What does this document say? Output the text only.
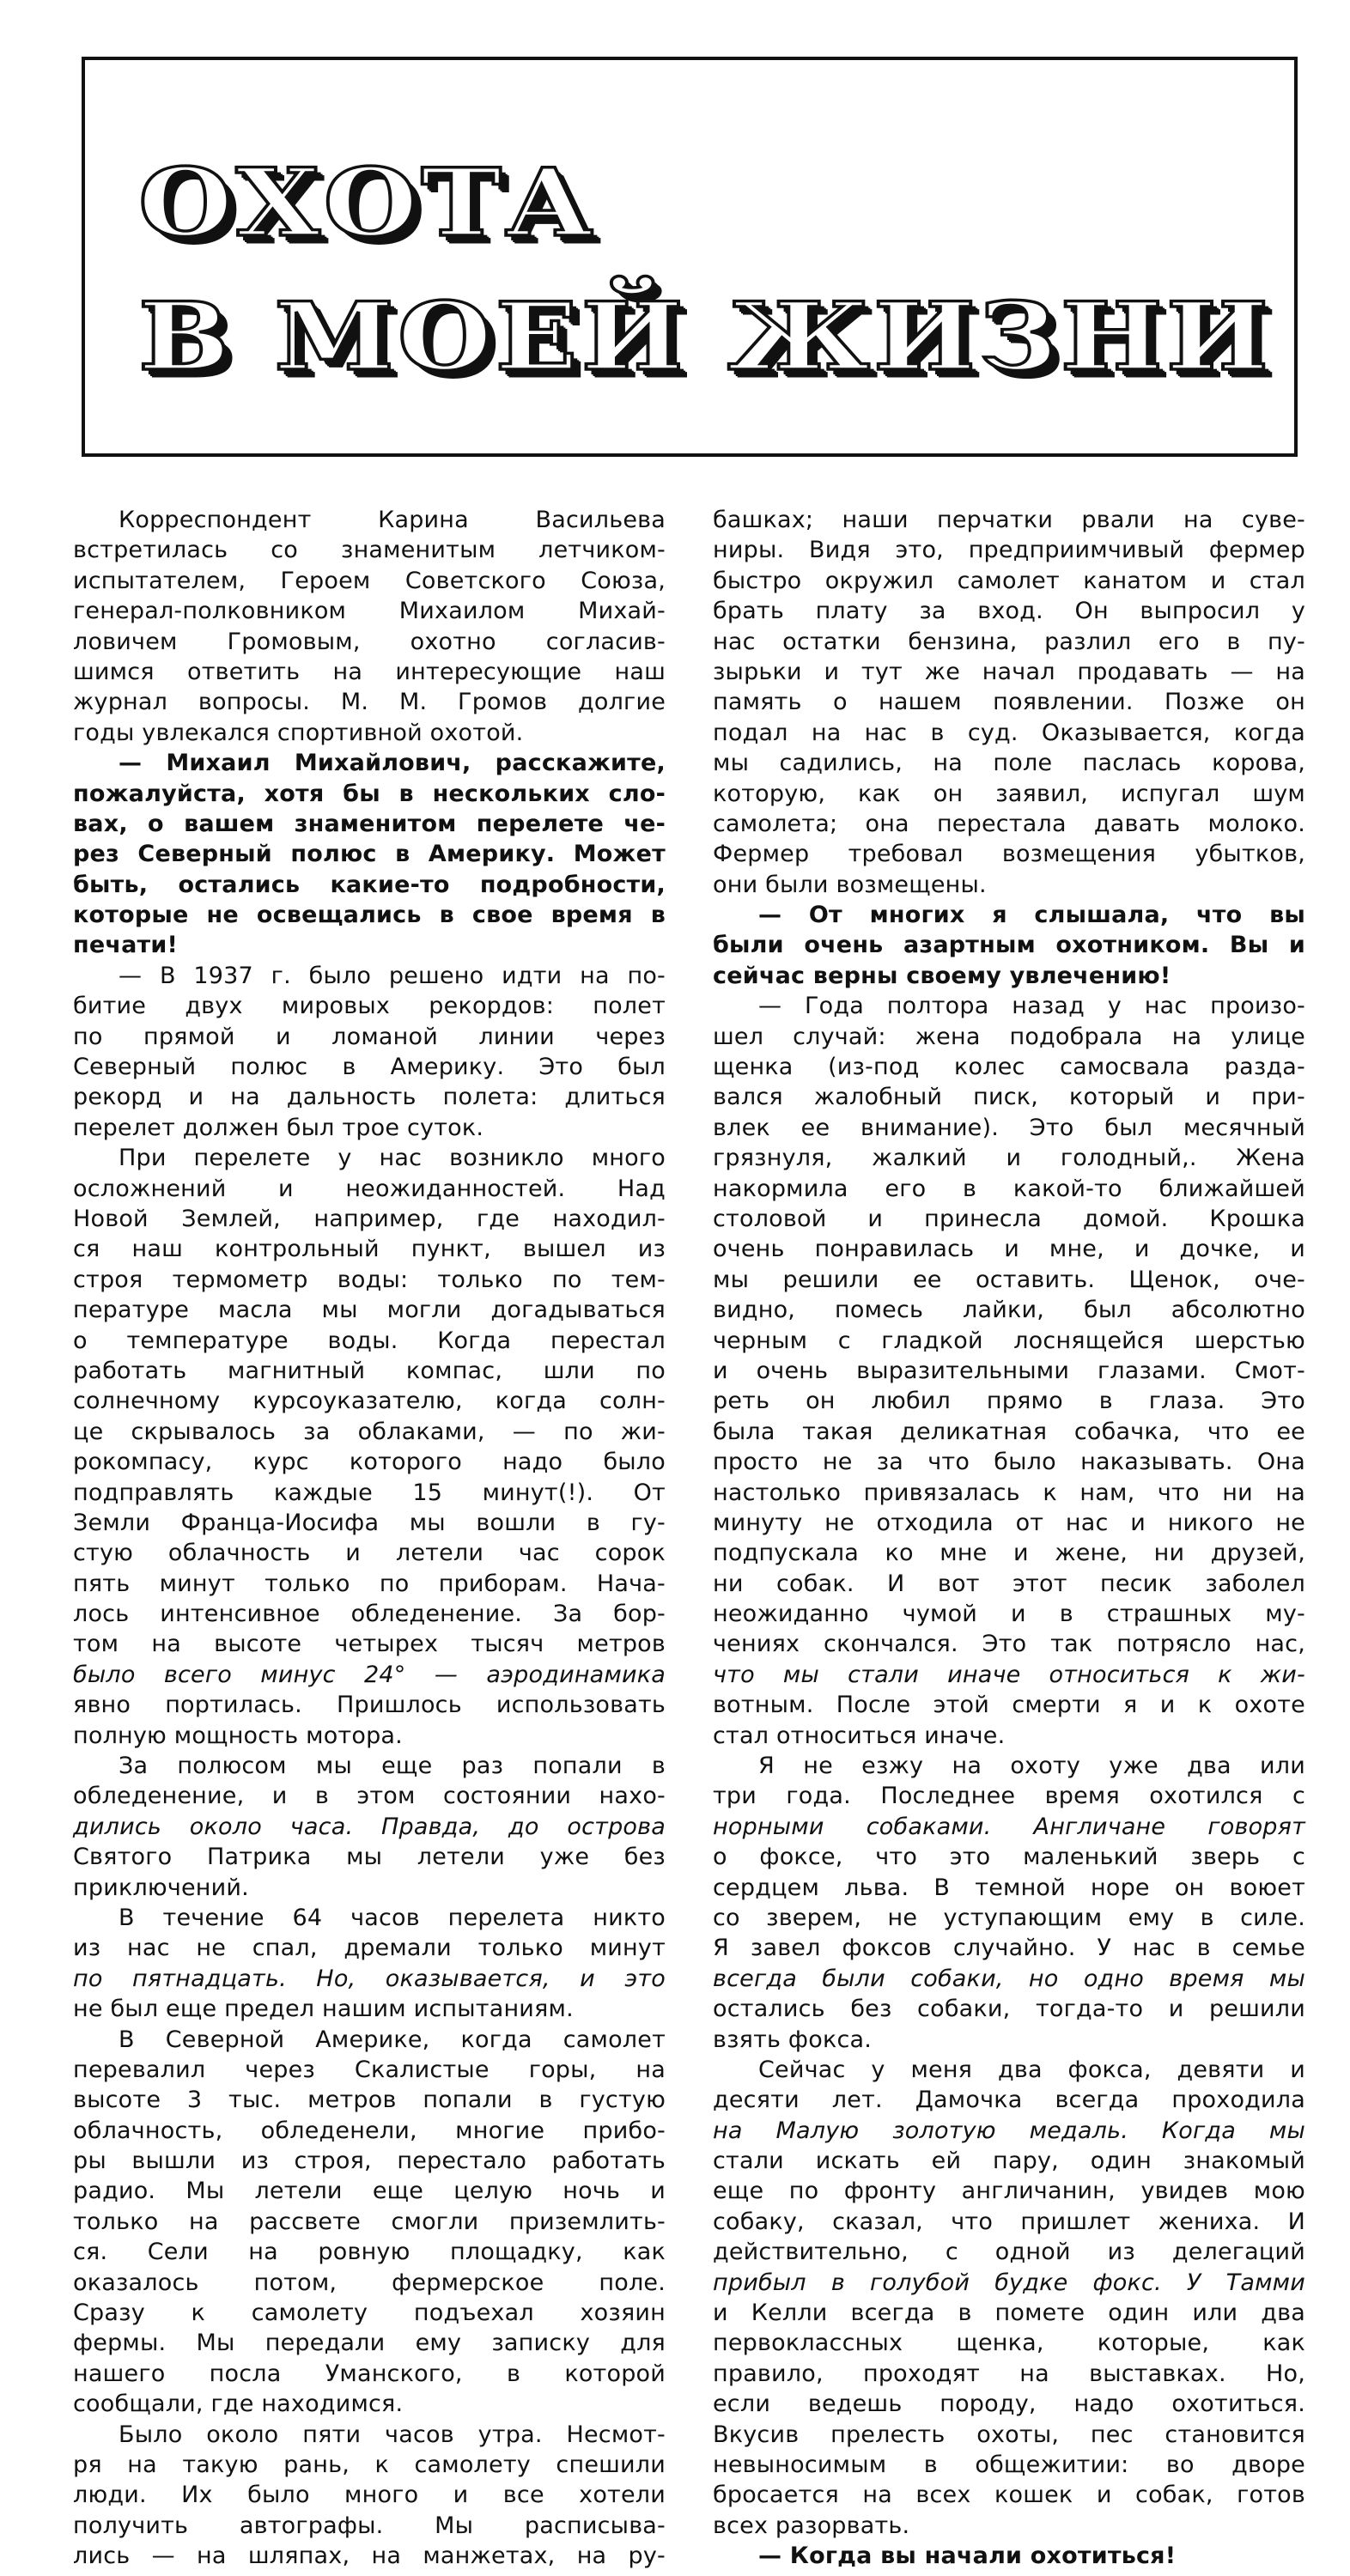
ОХОТА
В МОЕЙ ЖИЗНИ
Корреспондент Карина Васильева
встретилась со знаменитым летчиком-
испытателем, Героем Советского Союза,
генерал-полковником Михаилом Михай-
ловичем Громовым, охотно согласив-
шимся ответить на интересующие наш
журнал вопросы. М. М. Громов долгие
годы увлекался спортивной охотой.
— Михаил Михайлович, расскажите,
пожалуйста, хотя бы в нескольких сло-
вах, о вашем знаменитом перелете че-
рез Северный полюс в Америку. Может
быть, остались какие-то подробности,
которые не освещались в свое время в
печати!
— В 1937 г. было решено идти на по-
битие двух мировых рекордов: полет
по прямой и ломаной линии через
Северный полюс в Америку. Это был
рекорд и на дальность полета: длиться
перелет должен был трое суток.
При перелете у нас возникло много
осложнений и неожиданностей. Над
Новой Землей, например, где находил-
ся наш контрольный пункт, вышел из
строя термометр воды: только по тем-
пературе масла мы могли догадываться
о температуре воды. Когда перестал
работать магнитный компас, шли по
солнечному курсоуказателю, когда солн-
це скрывалось за облаками, — по жи-
рокомпасу, курс которого надо было
подправлять каждые 15 минут(!). От
Земли Франца-Иосифа мы вошли в гу-
стую облачность и летели час сорок
пять минут только по приборам. Нача-
лось интенсивное обледенение. За бор-
том на высоте четырех тысяч метров
было всего минус 24° — аэродинамика
явно портилась. Пришлось использовать
полную мощность мотора.
За полюсом мы еще раз попали в
обледенение, и в этом состоянии нахо-
дились около часа. Правда, до острова
Святого Патрика мы летели уже без
приключений.
В течение 64 часов перелета никто
из нас не спал, дремали только минут
по пятнадцать. Но, оказывается, и это
не был еще предел нашим испытаниям.
В Северной Америке, когда самолет
перевалил через Скалистые горы, на
высоте 3 тыс. метров попали в густую
облачность, обледенели, многие прибо-
ры вышли из строя, перестало работать
радио. Мы летели еще целую ночь и
только на рассвете смогли приземлить-
ся. Сели на ровную площадку, как
оказалось потом, фермерское поле.
Сразу к самолету подъехал хозяин
фермы. Мы передали ему записку для
нашего посла Уманского, в которой
сообщали, где находимся.
Было около пяти часов утра. Несмот-
ря на такую рань, к самолету спешили
люди. Их было много и все хотели
получить автографы. Мы расписыва-
лись — на шляпах, на манжетах, на ру-
башках; наши перчатки рвали на суве-
ниры. Видя это, предприимчивый фермер
быстро окружил самолет канатом и стал
брать плату за вход. Он выпросил у
нас остатки бензина, разлил его в пу-
зырьки и тут же начал продавать — на
память о нашем появлении. Позже он
подал на нас в суд. Оказывается, когда
мы садились, на поле паслась корова,
которую, как он заявил, испугал шум
самолета; она перестала давать молоко.
Фермер требовал возмещения убытков,
они были возмещены.
— От многих я слышала, что вы
были очень азартным охотником. Вы и
сейчас верны своему увлечению!
— Года полтора назад у нас произо-
шел случай: жена подобрала на улице
щенка (из-под колес самосвала разда-
вался жалобный писк, который и при-
влек ее внимание). Это был месячный
грязнуля, жалкий и голодный,. Жена
накормила его в какой-то ближайшей
столовой и принесла домой. Крошка
очень понравилась и мне, и дочке, и
мы решили ее оставить. Щенок, оче-
видно, помесь лайки, был абсолютно
черным с гладкой лоснящейся шерстью
и очень выразительными глазами. Смот-
реть он любил прямо в глаза. Это
была такая деликатная собачка, что ее
просто не за что было наказывать. Она
настолько привязалась к нам, что ни на
минуту не отходила от нас и никого не
подпускала ко мне и жене, ни друзей,
ни собак. И вот этот песик заболел
неожиданно чумой и в страшных му-
чениях скончался. Это так потрясло нас,
что мы стали иначе относиться к жи-
вотным. После этой смерти я и к охоте
стал относиться иначе.
Я не езжу на охоту уже два или
три года. Последнее время охотился с
норными собаками. Англичане говорят
о фоксе, что это маленький зверь с
сердцем льва. В темной норе он воюет
со зверем, не уступающим ему в силе.
Я завел фоксов случайно. У нас в семье
всегда были собаки, но одно время мы
остались без собаки, тогда-то и решили
взять фокса.
Сейчас у меня два фокса, девяти и
десяти лет. Дамочка всегда проходила
на Малую золотую медаль. Когда мы
стали искать ей пару, один знакомый
еще по фронту англичанин, увидев мою
собаку, сказал, что пришлет жениха. И
действительно, с одной из делегаций
прибыл в голубой будке фокс. У Тамми
и Келли всегда в помете один или два
первоклассных щенка, которые, как
правило, проходят на выставках. Но,
если ведешь породу, надо охотиться.
Вкусив прелесть охоты, пес становится
невыносимым в общежитии: во дворе
бросается на всех кошек и собак, готов
всех разорвать.
— Когда вы начали охотиться!
